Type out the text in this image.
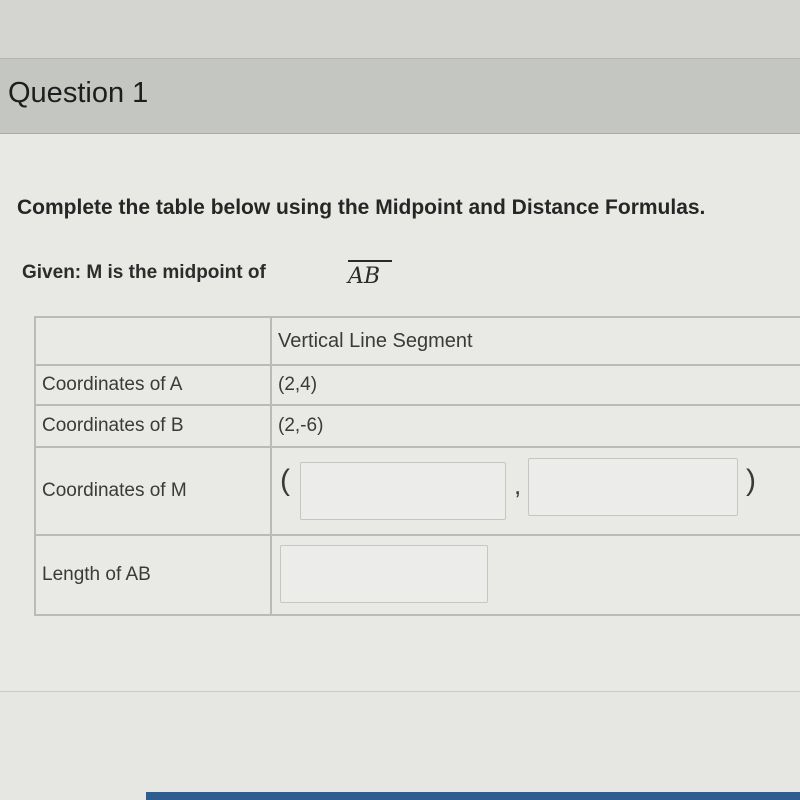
Question 1
Complete the table below using the Midpoint and Distance Formulas.
Given: M is the midpoint of	AB
	Vertical Line Segment
Coordinates of A	(2,4)
Coordinates of B	(2,-6)
Coordinates of M	( , )

Length of AB	
